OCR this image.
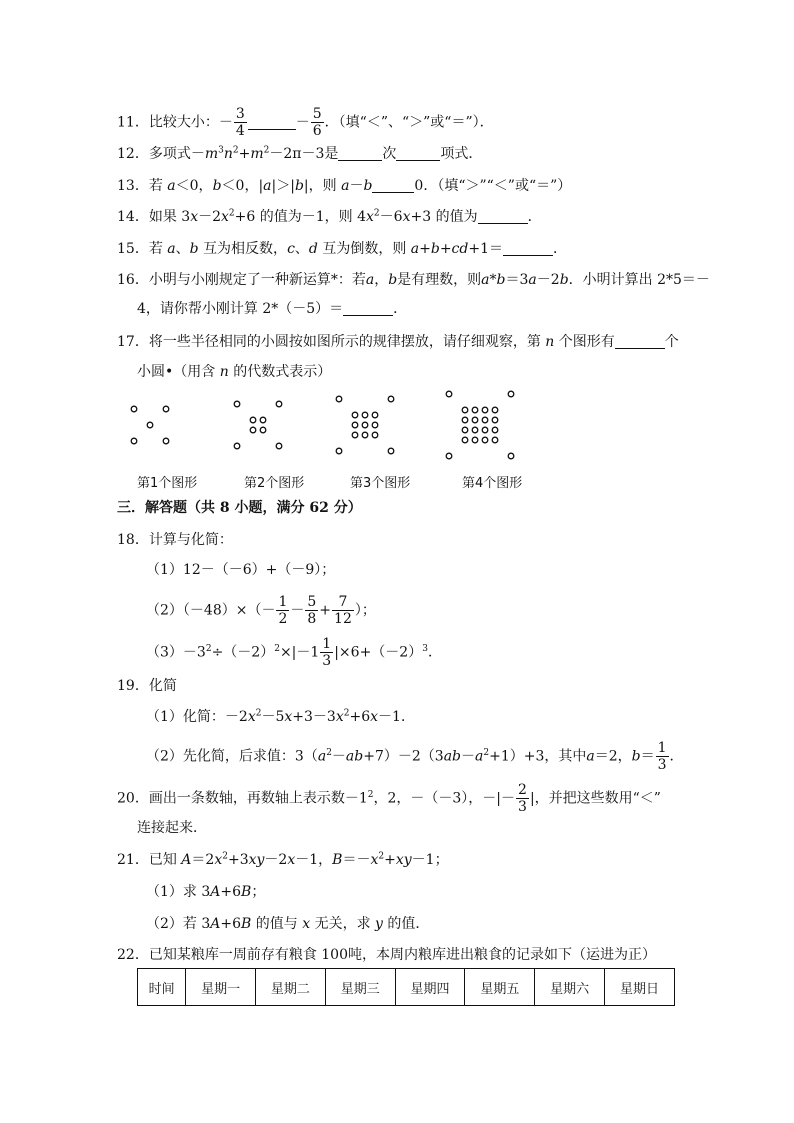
11．比较大小：－ $\frac{3}{4}$	－ $\frac{5}{6}$ ．（填“＜”、“＞”或“＝”）．
12．多项式$-m^3n^2+m^2-2\pi-3$是	次	项式．
13．若 a＜0，b＜0，|a|＞|b|，则 a－b	0．（填“＞”“＜”或“＝”）
14．如果 $3x-2x^2+6$ 的值为－1，则 $4x^2-6x+3$ 的值为	．
15．若 a、b 互为相反数，c、d 互为倒数，则 a+b+cd+1＝	．
16．小明与小刚规定了一种新运算*：若a，b是有理数，则a*b＝3a－2b．小明计算出 2*5＝－
4，请你帮小刚计算 2*（－5）＝	．
17．将一些半径相同的小圆按如图所示的规律摆放，请仔细观察，第 n 个图形有	个
小圆•（用含 n 的代数式表示）
第1个图形	第2个图形	第3个图形	第4个图形
三．解答题（共 8 小题，满分 62 分）
18．计算与化简：
（1）12－（－6）+（－9）；
$(2)(-48)\times(- \frac{1}{2} - \frac{5}{8} + \frac{7}{12}$ ）；
$(3)-3^2\div(-2)^2\times|-1 \frac{1}{3} |\times 6+(-2)^3$．
19．化简
（1）化简：$-2x^2-5x+3-3x^2+6x-1$．
（2）先化简，后求值：$3(a^2-ab+7)-2(3ab-a^2+1)+3$，其中a＝2，$b= \frac{1}{3}$ ．
20．画出一条数轴，再数轴上表示数$-1^2$，2，－（－3），－|－ $\frac{2}{3}$ |，并把这些数用“＜”
连接起来．
21．已知 $A=2x^2+3xy-2x-1$，$B=-x^2+xy-1$；
（1）求 3A+6B；
（2）若 3A+6B 的值与 x 无关，求 y 的值．
22．已知某粮库一周前存有粮食 100吨，本周内粮库进出粮食的记录如下（运进为正）
时间	星期一	星期二	星期三	星期四	星期五	星期六	星期日
